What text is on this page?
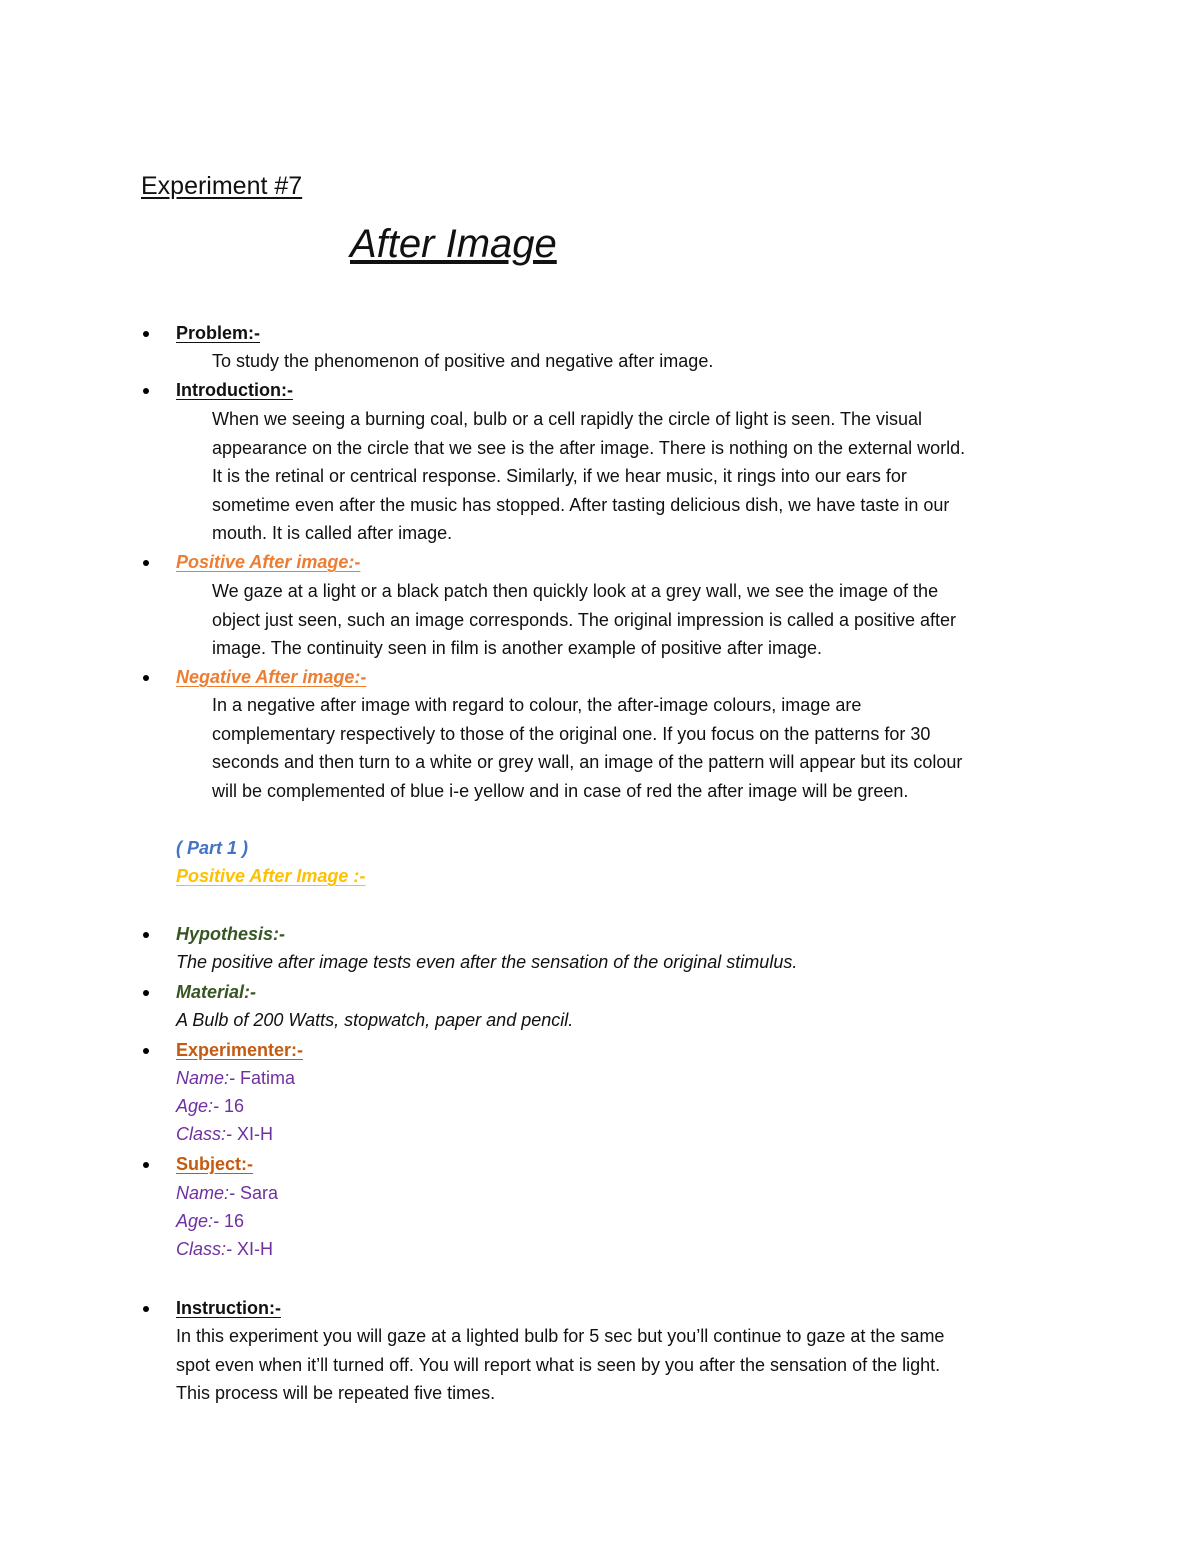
Experiment #7
After Image
Problem:-
To study the phenomenon of positive and negative after image.
Introduction:-
When we seeing a burning coal, bulb or a cell rapidly the circle of light is seen. The visual
appearance on the circle that we see is the after image. There is nothing on the external world.
It is the retinal or centrical response. Similarly, if we hear music, it rings into our ears for
sometime even after the music has stopped. After tasting delicious dish, we have taste in our
mouth. It is called after image.
Positive After image:-
We gaze at a light or a black patch then quickly look at a grey wall, we see the image of the
object just seen, such an image corresponds. The original impression is called a positive after
image. The continuity seen in film is another example of positive after image.
Negative After image:-
In a negative after image with regard to colour, the after-image colours, image are
complementary respectively to those of the original one. If you focus on the patterns for 30
seconds and then turn to a white or grey wall, an image of the pattern will appear but its colour
will be complemented of blue i-e yellow and in case of red the after image will be green.
( Part 1 )
Positive After Image :-
Hypothesis:-
The positive after image tests even after the sensation of the original stimulus.
Material:-
A Bulb of 200 Watts, stopwatch, paper and pencil.
Experimenter:-
Name:- Fatima
Age:- 16
Class:- XI-H
Subject:-
Name:- Sara
Age:- 16
Class:- XI-H
Instruction:-
In this experiment you will gaze at a lighted bulb for 5 sec but you’ll continue to gaze at the same
spot even when it’ll turned off. You will report what is seen by you after the sensation of the light.
This process will be repeated five times.
